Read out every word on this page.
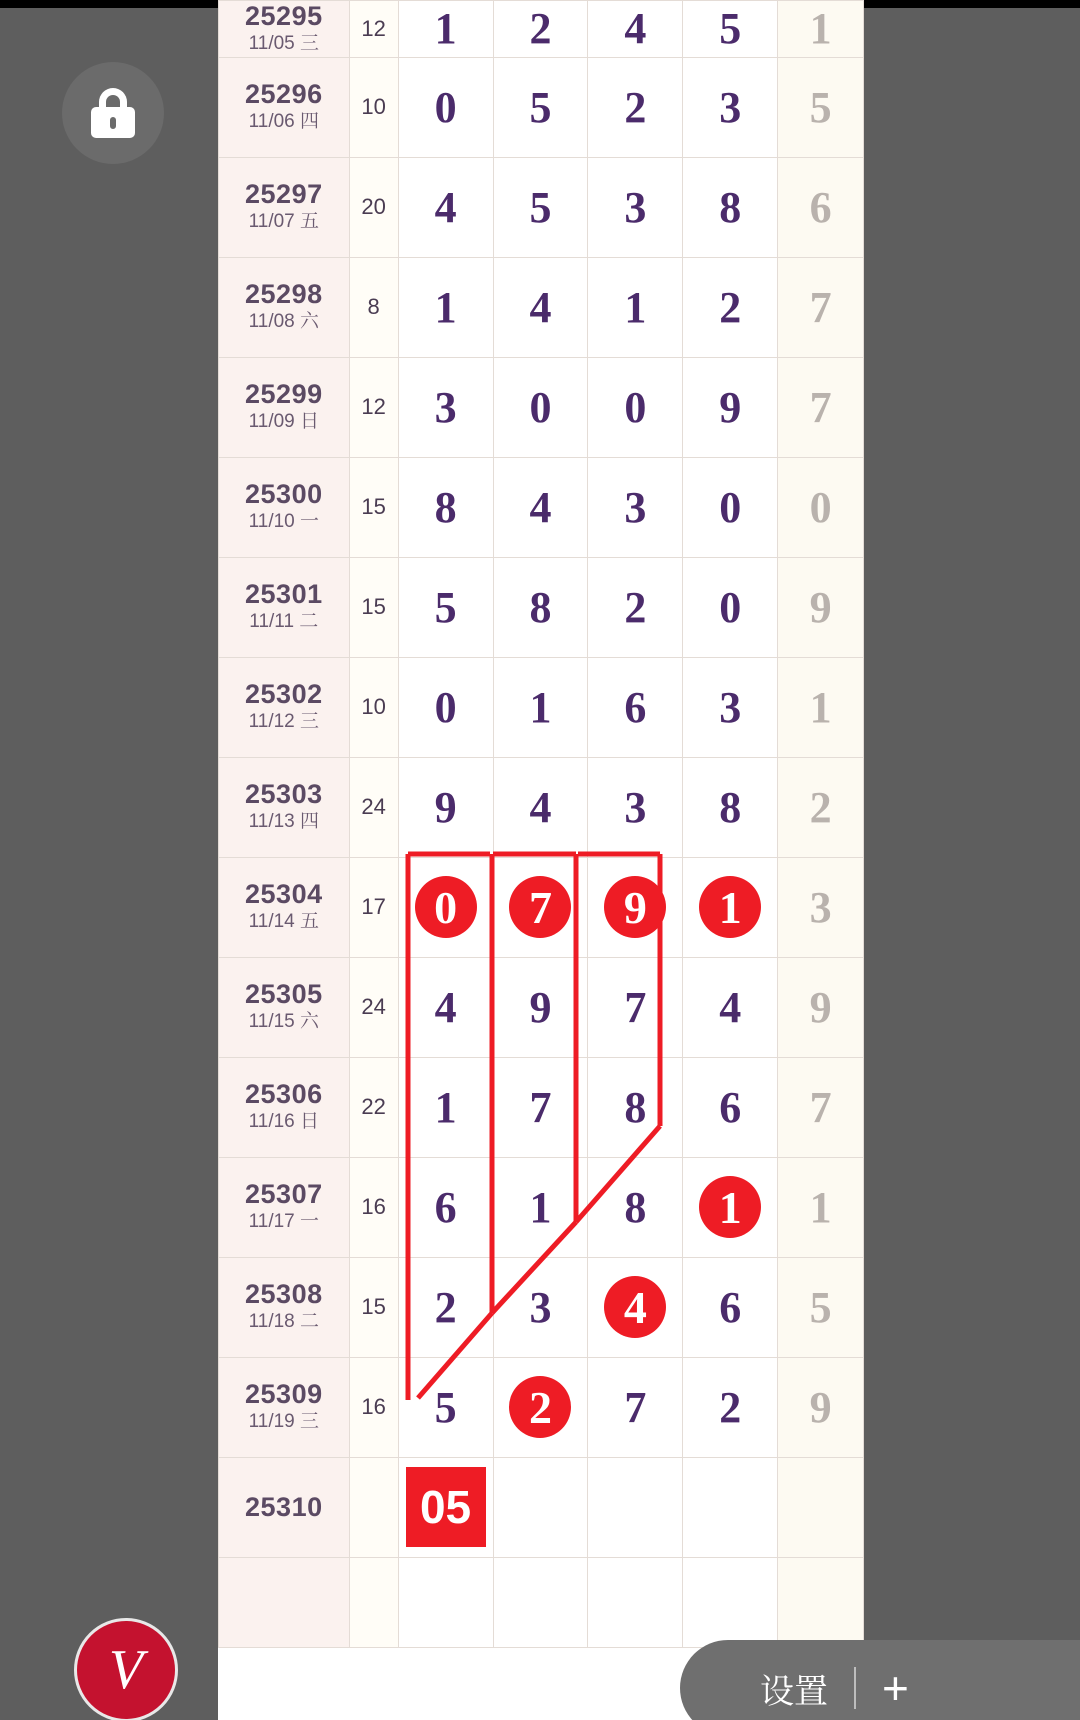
25295
11/05 三	12	1	2	4	5	1

25296
11/06 四	10	0	5	2	3	5

25297
11/07 五	20	4	5	3	8	6

25298
11/08 六	8	1	4	1	2	7

25299
11/09 日	12	3	0	0	9	7

25300
11/10 一	15	8	4	3	0	0

25301
11/11 二	15	5	8	2	0	9

25302
11/12 三	10	0	1	6	3	1

25303
11/13 四	24	9	4	3	8	2

25304
11/14 五	17	0	7	9	1	3

25305
11/15 六	24	4	9	7	4	9

25306
11/16 日	22	1	7	8	6	7

25307
11/17 一	16	6	1	8	1	1

25308
11/18 二	15	2	3	4	6	5

25309
11/19 三	16	5	2	7	2	9

25310		05				

设置 +
V
